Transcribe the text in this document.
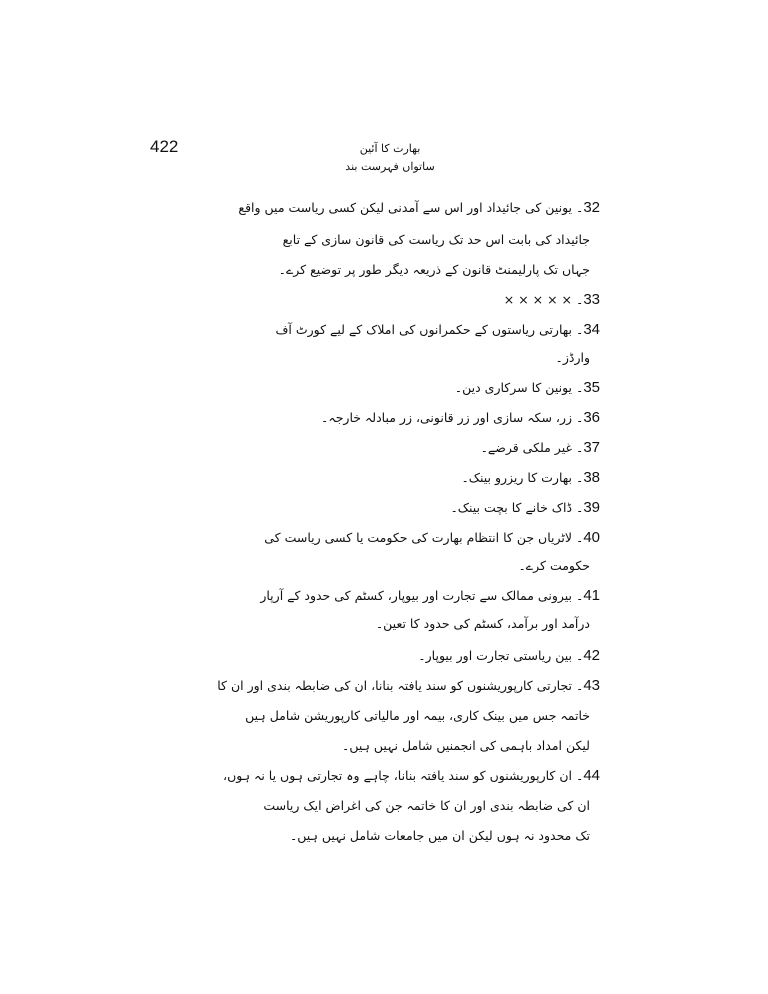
422	بھارت کا آئین
ساتواں فہرست بند
32۔ یونین کی جائیداد اور اس سے آمدنی لیکن کسی ریاست میں واقع
جائیداد کی بابت اس حد تک ریاست کی قانون سازی کے تابع
جہاں تک پارلیمنٹ قانون کے ذریعہ دیگر طور پر توضیع کرے۔
33۔ × × × × ×
34۔ بھارتی ریاستوں کے حکمرانوں کی املاک کے لیے کورٹ آف
وارڈز۔
35۔ یونین کا سرکاری دین۔
36۔ زر، سکہ سازی اور زر قانونی، زر مبادلہ خارجہ۔
37۔ غیر ملکی قرضے۔
38۔ بھارت کا ریزرو بینک۔
39۔ ڈاک خانے کا بچت بینک۔
40۔ لاٹریاں جن کا انتظام بھارت کی حکومت یا کسی ریاست کی
حکومت کرے۔
41۔ بیرونی ممالک سے تجارت اور بیوپار، کسٹم کی حدود کے آرپار
درآمد اور برآمد، کسٹم کی حدود کا تعین۔
42۔ بین ریاستی تجارت اور بیوپار۔
43۔ تجارتی کارپوریشنوں کو سند یافتہ بنانا، ان کی ضابطہ بندی اور ان کا
خاتمہ جس میں بینک کاری، بیمہ اور مالیاتی کارپوریشن شامل ہیں
لیکن امداد باہمی کی انجمنیں شامل نہیں ہیں۔
44۔ ان کارپوریشنوں کو سند یافتہ بنانا، چاہے وہ تجارتی ہوں یا نہ ہوں،
ان کی ضابطہ بندی اور ان کا خاتمہ جن کی اغراض ایک ریاست
تک محدود نہ ہوں لیکن ان میں جامعات شامل نہیں ہیں۔
